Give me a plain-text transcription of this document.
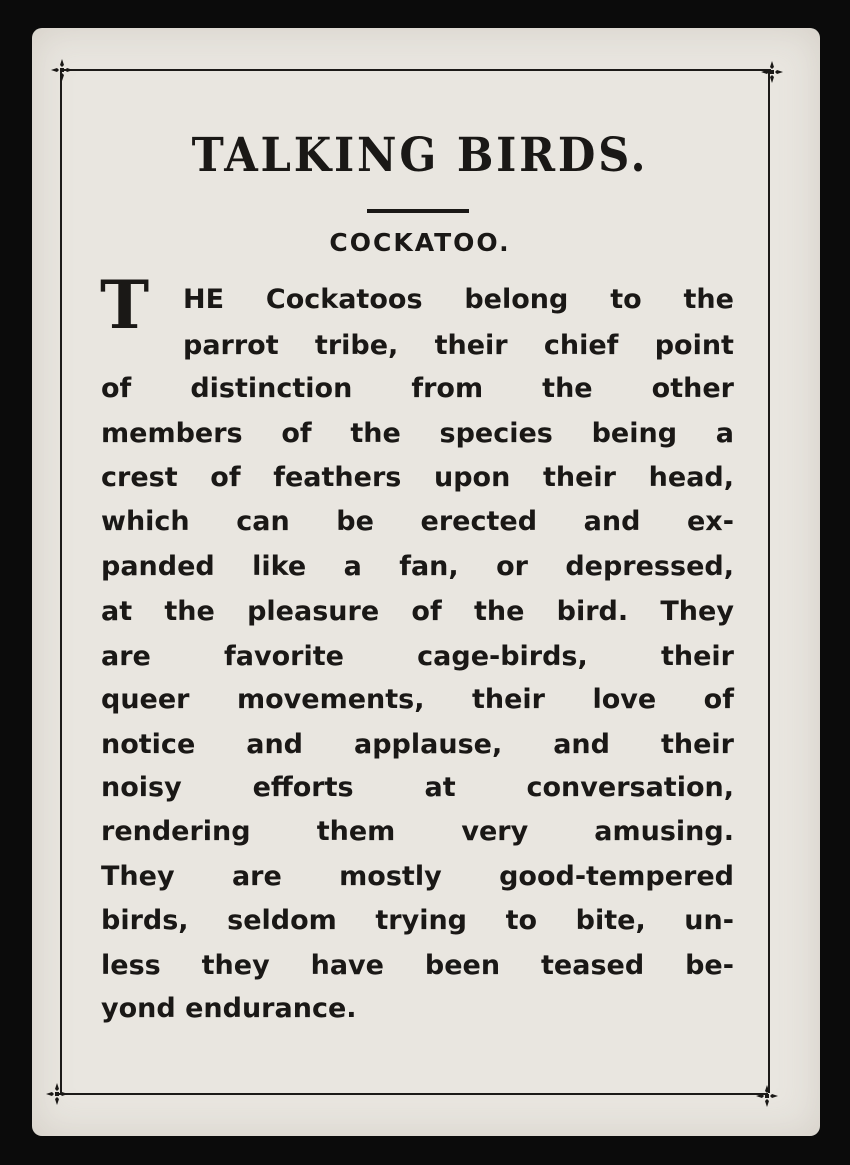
TALKING BIRDS.
COCKATOO.
T HE Cockatoos belong to the
parrot tribe, their chief point
of distinction from the other
members of the species being a
crest of feathers upon their head,
which can be erected and ex-
panded like a fan, or depressed,
at the pleasure of the bird. They
are	favorite	cage-birds,	their
queer movements, their love of
notice and applause, and their
noisy	efforts	at	conversation,
rendering them very amusing.
They are mostly good-tempered
birds, seldom trying to bite, un-
less they have been teased be-
yond endurance.
